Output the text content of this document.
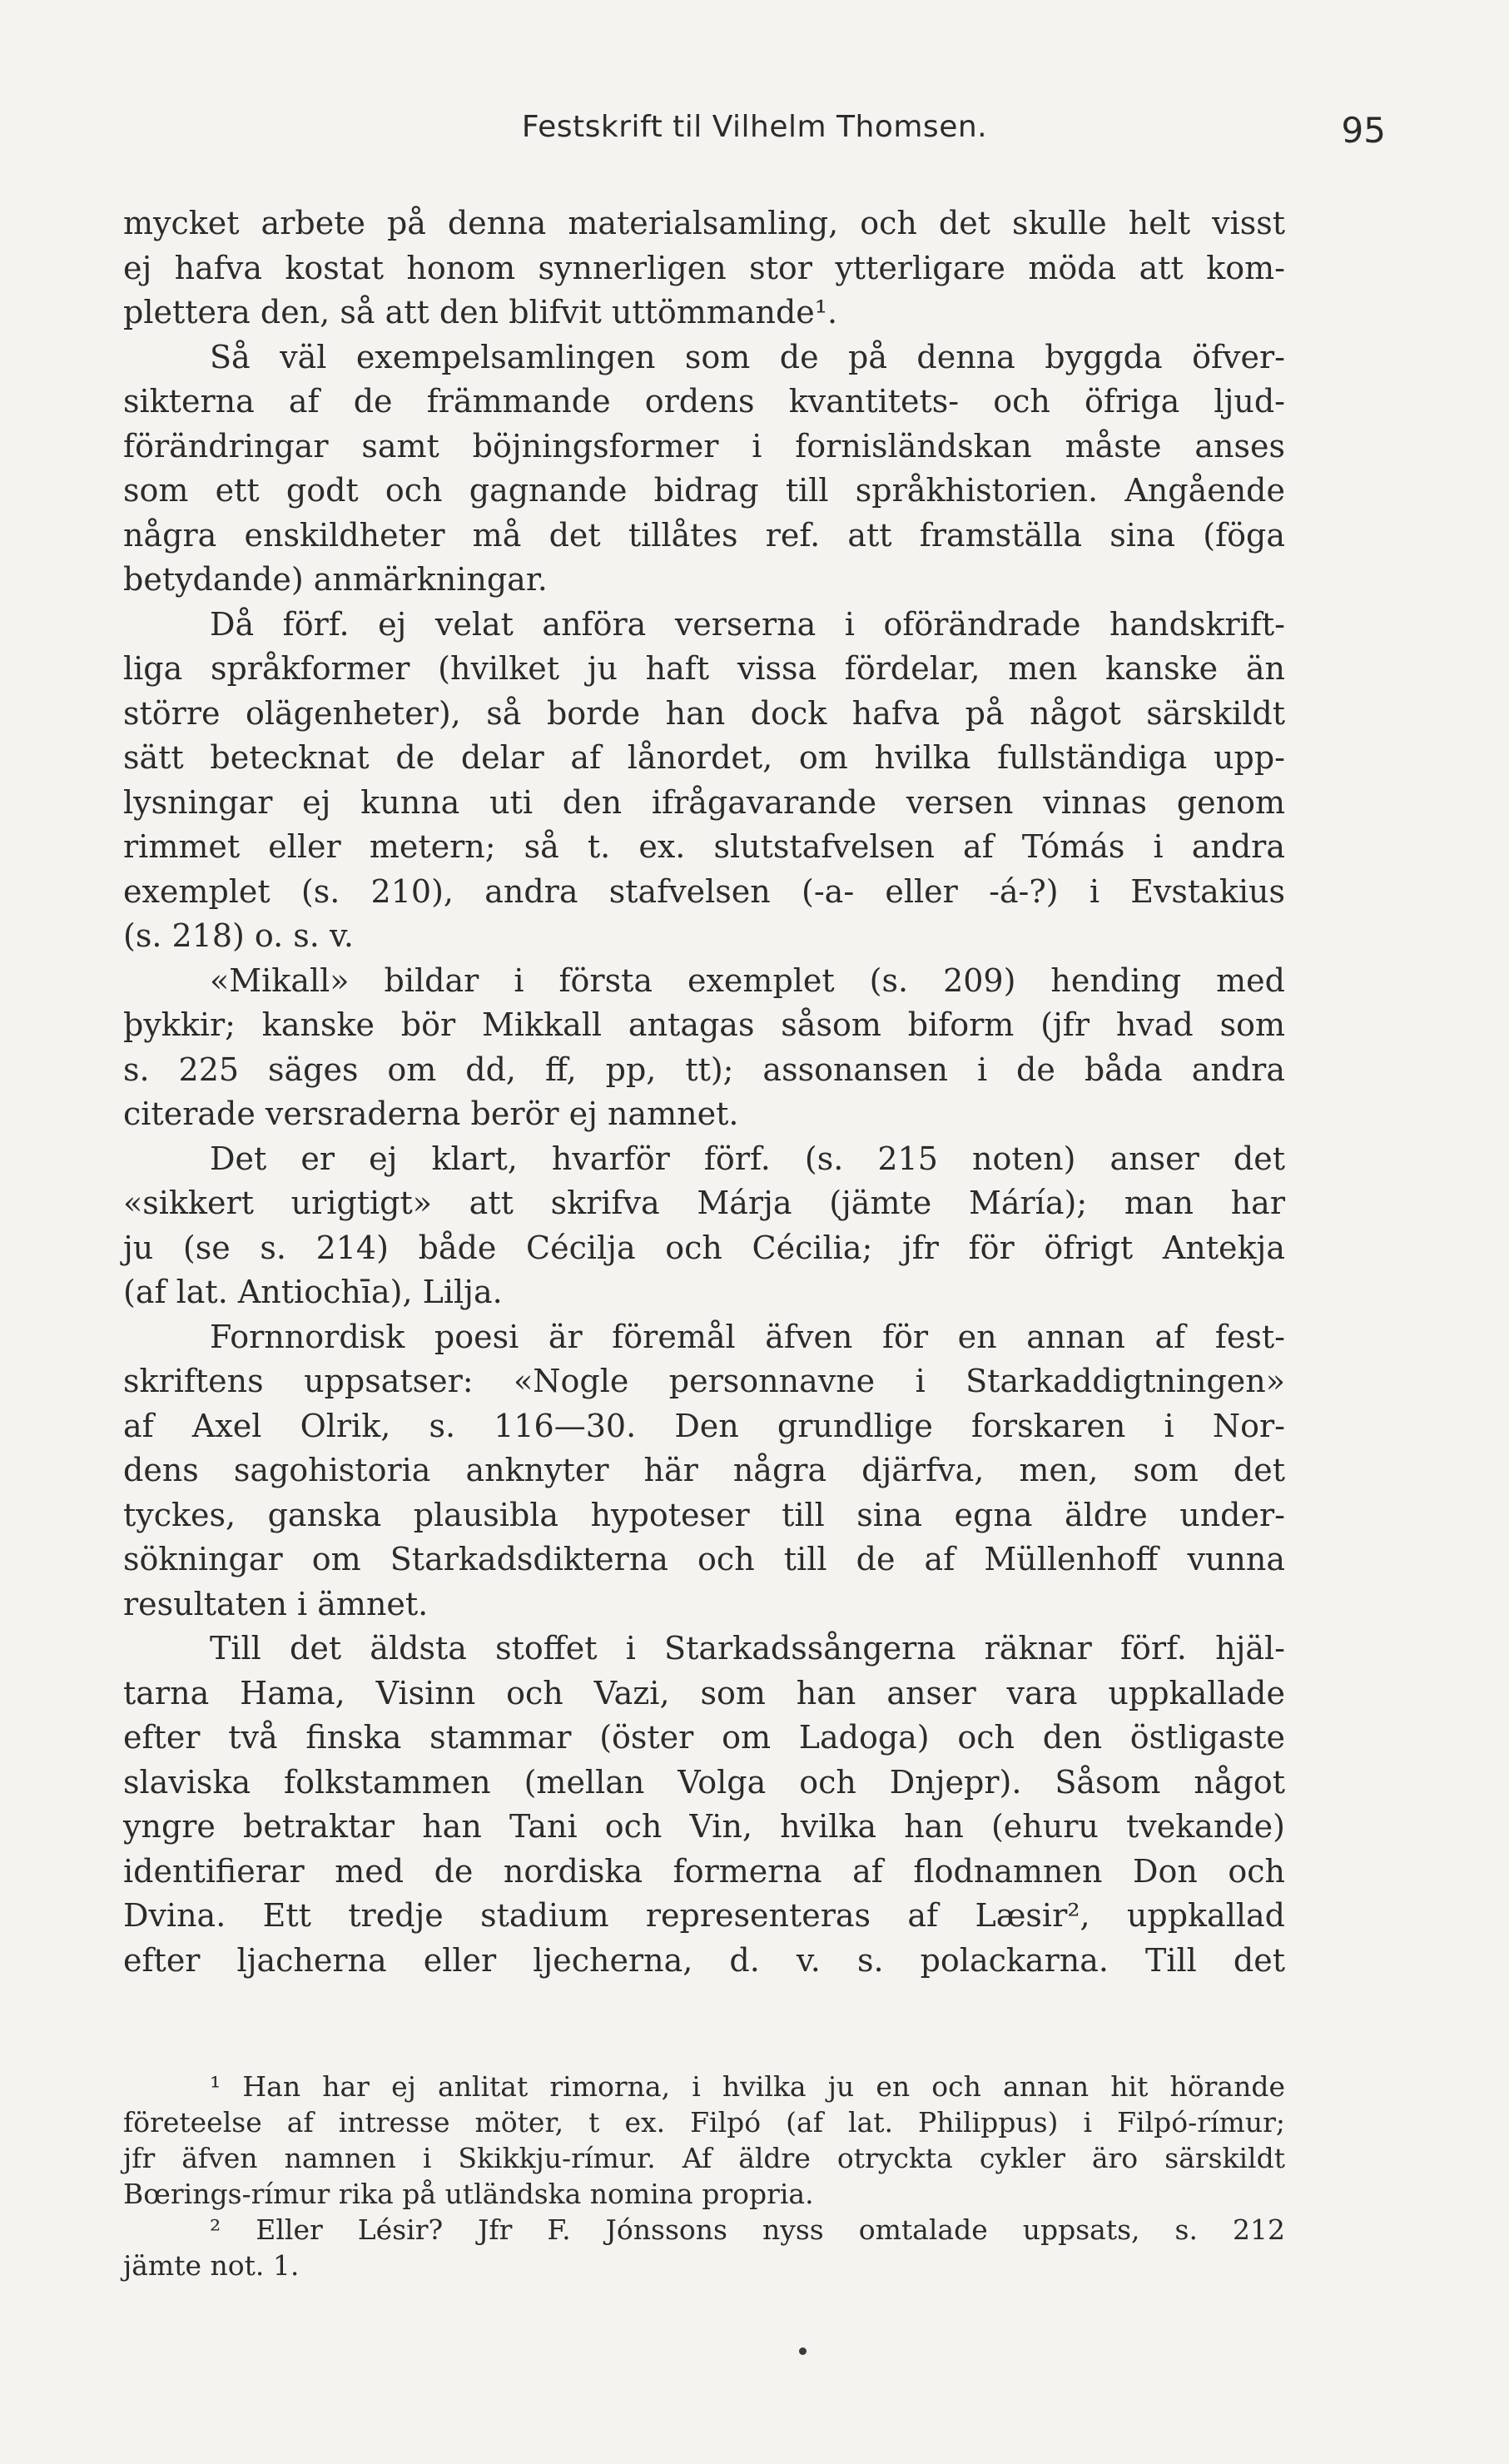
Festskrift til Vilhelm Thomsen.	95
mycket arbete på denna materialsamling, och det skulle helt visst
ej hafva kostat honom synnerligen stor ytterligare möda att kom-
plettera den, så att den blifvit uttömmande¹.
Så väl exempelsamlingen som de på denna byggda öfver-
sikterna af de främmande ordens kvantitets- och öfriga ljud-
förändringar samt böjningsformer i fornisländskan måste anses
som ett godt och gagnande bidrag till språkhistorien. Angående
några enskildheter må det tillåtes ref. att framställa sina (föga
betydande) anmärkningar.
Då förf. ej velat anföra verserna i oförändrade handskrift-
liga språkformer (hvilket ju haft vissa fördelar, men kanske än
större olägenheter), så borde han dock hafva på något särskildt
sätt betecknat de delar af lånordet, om hvilka fullständiga upp-
lysningar ej kunna uti den ifrågavarande versen vinnas genom
rimmet eller metern; så t. ex. slutstafvelsen af Tómás i andra
exemplet (s. 210), andra stafvelsen (-a- eller -á-?) i Evstakius
(s. 218) o. s. v.
«Mikall» bildar i första exemplet (s. 209) hending med
þykkir; kanske bör Mikkall antagas såsom biform (jfr hvad som
s. 225 säges om dd, ff, pp, tt); assonansen i de båda andra
citerade versraderna berör ej namnet.
Det er ej klart, hvarför förf. (s. 215 noten) anser det
«sikkert urigtigt» att skrifva Márja (jämte Máría); man har
ju (se s. 214) både Cécilja och Cécilia; jfr för öfrigt Antekja
(af lat. Antiochīa), Lilja.
Fornnordisk poesi är föremål äfven för en annan af fest-
skriftens uppsatser: «Nogle personnavne i Starkaddigtningen»
af Axel Olrik, s. 116—30. Den grundlige forskaren i Nor-
dens sagohistoria anknyter här några djärfva, men, som det
tyckes, ganska plausibla hypoteser till sina egna äldre under-
sökningar om Starkadsdikterna och till de af Müllenhoff vunna
resultaten i ämnet.
Till det äldsta stoffet i Starkadssångerna räknar förf. hjäl-
tarna Hama, Visinn och Vazi, som han anser vara uppkallade
efter två finska stammar (öster om Ladoga) och den östligaste
slaviska folkstammen (mellan Volga och Dnjepr). Såsom något
yngre betraktar han Tani och Vin, hvilka han (ehuru tvekande)
identifierar med de nordiska formerna af flodnamnen Don och
Dvina. Ett tredje stadium representeras af Læsir², uppkallad
efter ljacherna eller ljecherna, d. v. s. polackarna. Till det
¹ Han har ej anlitat rimorna, i hvilka ju en och annan hit hörande
företeelse af intresse möter, t ex. Filpó (af lat. Philippus) i Filpó-rímur;
jfr äfven namnen i Skikkju-rímur. Af äldre otryckta cykler äro särskildt
Bœrings-rímur rika på utländska nomina propria.
² Eller Lésir? Jfr F. Jónssons nyss omtalade uppsats, s. 212
jämte not. 1.
